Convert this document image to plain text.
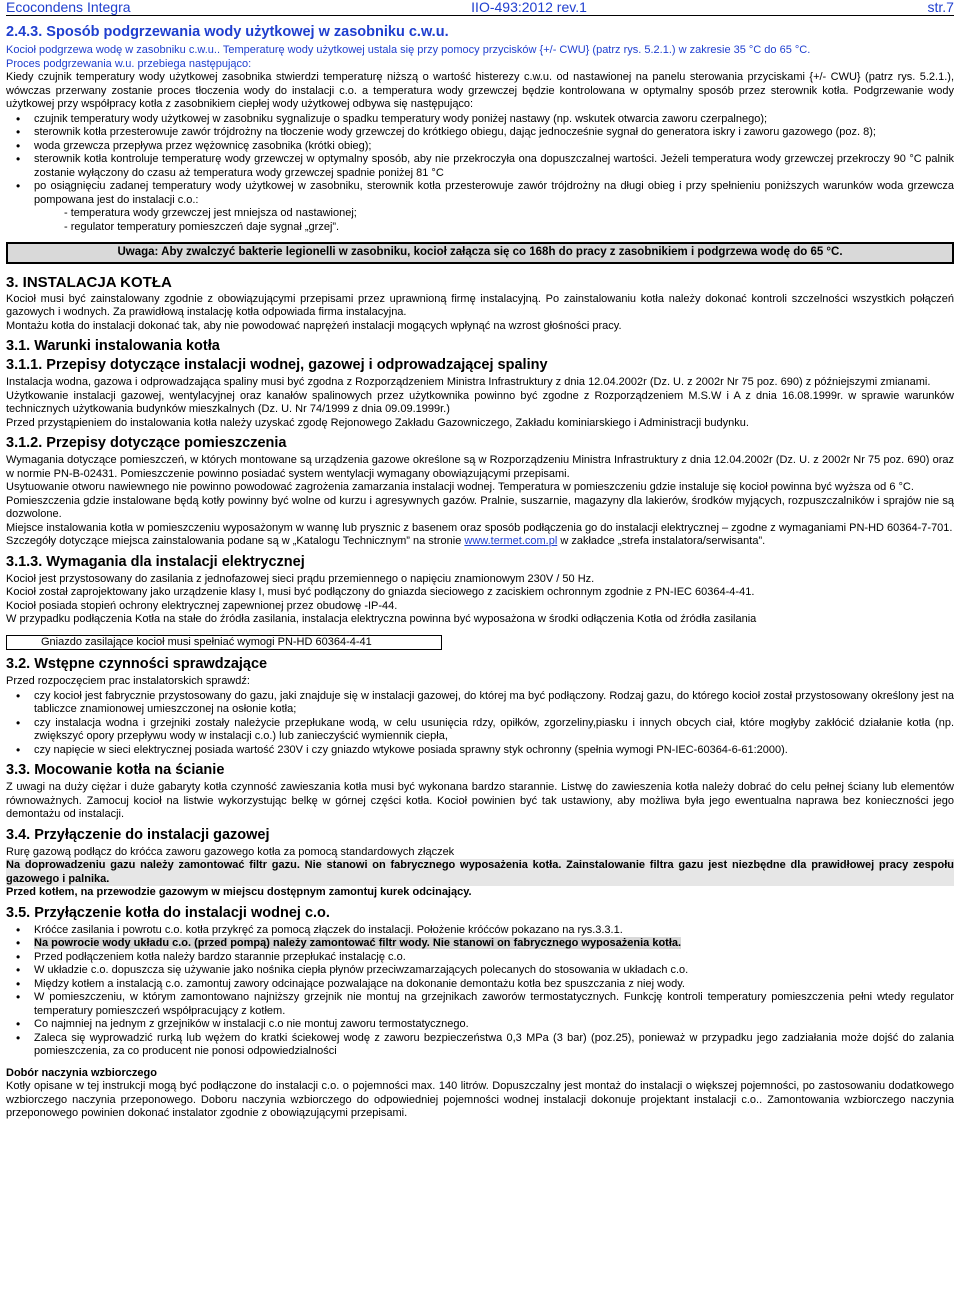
Ecocondens Integra	IIO-493:2012 rev.1	str.7
2.4.3. Sposób podgrzewania wody użytkowej w zasobniku c.w.u.

Kocioł podgrzewa wodę w zasobniku c.w.u.. Temperaturę wody użytkowej ustala się przy pomocy przycisków {+/- CWU} (patrz rys. 5.2.1.) w zakresie 35 °C do 65 °C.

Proces podgrzewania w.u. przebiega następująco:

Kiedy czujnik temperatury wody użytkowej zasobnika stwierdzi temperaturę niższą o wartość histerezy c.w.u. od nastawionej na panelu sterowania przyciskami {+/- CWU} (patrz rys. 5.2.1.), wówczas przerwany zostanie proces tłoczenia wody do instalacji c.o. a temperatura wody grzewczej będzie kontrolowana w optymalny sposób przez sterownik kotła. Podgrzewanie wody użytkowej przy współpracy kotła z zasobnikiem ciepłej wody użytkowej odbywa się następująco:

• czujnik temperatury wody użytkowej w zasobniku sygnalizuje o spadku temperatury wody poniżej nastawy (np. wskutek otwarcia zaworu czerpalnego);
• sterownik kotła przesterowuje zawór trójdrożny na tłoczenie wody grzewczej do krótkiego obiegu, dając jednocześnie sygnał do generatora iskry i zaworu gazowego (poz. 8);
• woda grzewcza przepływa przez wężownicę zasobnika (krótki obieg);
• sterownik kotła kontroluje temperaturę wody grzewczej w optymalny sposób, aby nie przekroczyła ona dopuszczalnej wartości. Jeżeli temperatura wody grzewczej przekroczy 90 °C palnik zostanie wyłączony do czasu aż temperatura wody grzewczej spadnie poniżej 81 °C
• po osiągnięciu zadanej temperatury wody użytkowej w zasobniku, sterownik kotła przesterowuje zawór trójdrożny na długi obieg i przy spełnieniu poniższych warunków woda grzewcza pompowana jest do instalacji c.o.:
- temperatura wody grzewczej jest mniejsza od nastawionej;
- regulator temperatury pomieszczeń daje sygnał „grzej”.
Uwaga: Aby zwalczyć bakterie legionelli w zasobniku, kocioł załącza się co 168h do pracy z zasobnikiem i podgrzewa wodę do 65 °C.
3. INSTALACJA KOTŁA

Kocioł musi być zainstalowany zgodnie z obowiązującymi przepisami przez uprawnioną firmę instalacyjną. Po zainstalowaniu kotła należy dokonać kontroli szczelności wszystkich połączeń gazowych i wodnych. Za prawidłową instalację kotła odpowiada firma instalacyjna.

Montażu kotła do instalacji dokonać tak, aby nie powodować naprężeń instalacji mogących wpłynąć na wzrost głośności pracy.

3.1. Warunki instalowania kotła
3.1.1. Przepisy dotyczące instalacji wodnej, gazowej i odprowadzającej spaliny

Instalacja wodna, gazowa i odprowadzająca spaliny musi być zgodna z Rozporządzeniem Ministra Infrastruktury z dnia 12.04.2002r (Dz. U. z 2002r Nr 75 poz. 690) z późniejszymi zmianami.

Użytkowanie instalacji gazowej, wentylacyjnej oraz kanałów spalinowych przez użytkownika powinno być zgodne z Rozporządzeniem M.S.W i A z dnia 16.08.1999r. w sprawie warunków technicznych użytkowania budynków mieszkalnych (Dz. U. Nr 74/1999 z dnia 09.09.1999r.)

Przed przystąpieniem do instalowania kotła należy uzyskać zgodę Rejonowego Zakładu Gazowniczego, Zakładu kominiarskiego i Administracji budynku.

3.1.2. Przepisy dotyczące pomieszczenia

Wymagania dotyczące pomieszczeń, w których montowane są urządzenia gazowe określone są w Rozporządzeniu Ministra Infrastruktury z dnia 12.04.2002r (Dz. U. z 2002r Nr 75 poz. 690) oraz w normie PN-B-02431. Pomieszczenie powinno posiadać system wentylacji wymagany obowiązującymi przepisami.

Usytuowanie otworu nawiewnego nie powinno powodować zagrożenia zamarzania instalacji wodnej. Temperatura w pomieszczeniu gdzie instaluje się kocioł powinna być wyższa od 6 °C.

Pomieszczenia gdzie instalowane będą kotły powinny być wolne od kurzu i agresywnych gazów. Pralnie, suszarnie, magazyny dla lakierów, środków myjących, rozpuszczalników i sprajów nie są dozwolone.

Miejsce instalowania kotła w pomieszczeniu wyposażonym w wannę lub prysznic z basenem oraz sposób podłączenia go do instalacji elektrycznej – zgodne z wymaganiami PN-HD 60364-7-701.

Szczegóły dotyczące miejsca zainstalowania podane są w „Katalogu Technicznym” na stronie www.termet.com.pl w zakładce „strefa instalatora/serwisanta”.

3.1.3. Wymagania dla instalacji elektrycznej

Kocioł jest przystosowany do zasilania z jednofazowej sieci prądu przemiennego o napięciu znamionowym 230V / 50 Hz.

Kocioł został zaprojektowany jako urządzenie klasy I, musi być podłączony do gniazda sieciowego z zaciskiem ochronnym zgodnie z PN-IEC 60364-4-41.

Kocioł posiada stopień ochrony elektrycznej zapewnionej przez obudowę -IP-44.

W przypadku podłączenia Kotła na stałe do źródła zasilania, instalacja elektryczna powinna być wyposażona w środki odłączenia Kotła od źródła zasilania

Gniazdo zasilające kocioł musi spełniać wymogi PN-HD 60364-4-41
3.2. Wstępne czynności sprawdzające

Przed rozpoczęciem prac instalatorskich sprawdź:

• czy kocioł jest fabrycznie przystosowany do gazu, jaki znajduje się w instalacji gazowej, do której ma być podłączony. Rodzaj gazu, do którego kocioł został przystosowany określony jest na tabliczce znamionowej umieszczonej na osłonie kotła;
• czy instalacja wodna i grzejniki zostały należycie przepłukane wodą, w celu usunięcia rdzy, opiłków, zgorzeliny,piasku i innych obcych ciał, które mogłyby zakłócić działanie kotła (np. zwiększyć opory przepływu wody w instalacji c.o.) lub zanieczyścić wymiennik ciepła,
• czy napięcie w sieci elektrycznej posiada wartość 230V i czy gniazdo wtykowe posiada sprawny styk ochronny (spełnia wymogi PN-IEC-60364-6-61:2000).
3.3. Mocowanie kotła na ścianie

Z uwagi na duży ciężar i duże gabaryty kotła czynność zawieszania kotła musi być wykonana bardzo starannie. Listwę do zawieszenia kotła należy dobrać do celu pełnej ściany lub elementów równoważnych. Zamocuj kocioł na listwie wykorzystując belkę w górnej części kotła. Kocioł powinien być tak ustawiony, aby możliwa była jego ewentualna naprawa bez konieczności jego demontażu od instalacji.

3.4. Przyłączenie do instalacji gazowej

Rurę gazową podłącz do króćca zaworu gazowego kotła za pomocą standardowych złączek

Na doprowadzeniu gazu należy zamontować filtr gazu. Nie stanowi on fabrycznego wyposażenia kotła. Zainstalowanie filtra gazu jest niezbędne dla prawidłowej pracy zespołu gazowego i palnika.

Przed kotłem, na przewodzie gazowym w miejscu dostępnym zamontuj kurek odcinający.

3.5. Przyłączenie kotła do instalacji wodnej c.o.
• Króćce zasilania i powrotu c.o. kotła przykręć za pomocą złączek do instalacji. Położenie króćców pokazano na rys.3.3.1.
• Na powrocie wody układu c.o. (przed pompą) należy zamontować filtr wody. Nie stanowi on fabrycznego wyposażenia kotła.
• Przed podłączeniem kotła należy bardzo starannie przepłukać instalację c.o.
• W układzie c.o. dopuszcza się używanie jako nośnika ciepła płynów przeciwzamarzających polecanych do stosowania w układach c.o.
• Między kotłem a instalacją c.o. zamontuj zawory odcinające pozwalające na dokonanie demontażu kotła bez spuszczania z niej wody.
• W pomieszczeniu, w którym zamontowano najniższy grzejnik nie montuj na grzejnikach zaworów termostatycznych. Funkcję kontroli temperatury pomieszczenia pełni wtedy regulator temperatury pomieszczeń współpracujący z kotłem.
• Co najmniej na jednym z grzejników w instalacji c.o nie montuj zaworu termostatycznego.
• Zaleca się wyprowadzić rurką lub wężem do kratki ściekowej wodę z zaworu bezpieczeństwa 0,3 MPa (3 bar) (poz.25), ponieważ w przypadku jego zadziałania może dojść do zalania pomieszczenia, za co producent nie ponosi odpowiedzialności
Dobór naczynia wzbiorczego

Kotły opisane w tej instrukcji mogą być podłączone do instalacji c.o. o pojemności max. 140 litrów. Dopuszczalny jest montaż do instalacji o większej pojemności, po zastosowaniu dodatkowego wzbiorczego naczynia przeponowego. Doboru naczynia wzbiorczego do odpowiedniej pojemności wodnej instalacji dokonuje projektant instalacji c.o.. Zamontowania wzbiorczego naczynia przeponowego powinien dokonać instalator zgodnie z obowiązującymi przepisami.
